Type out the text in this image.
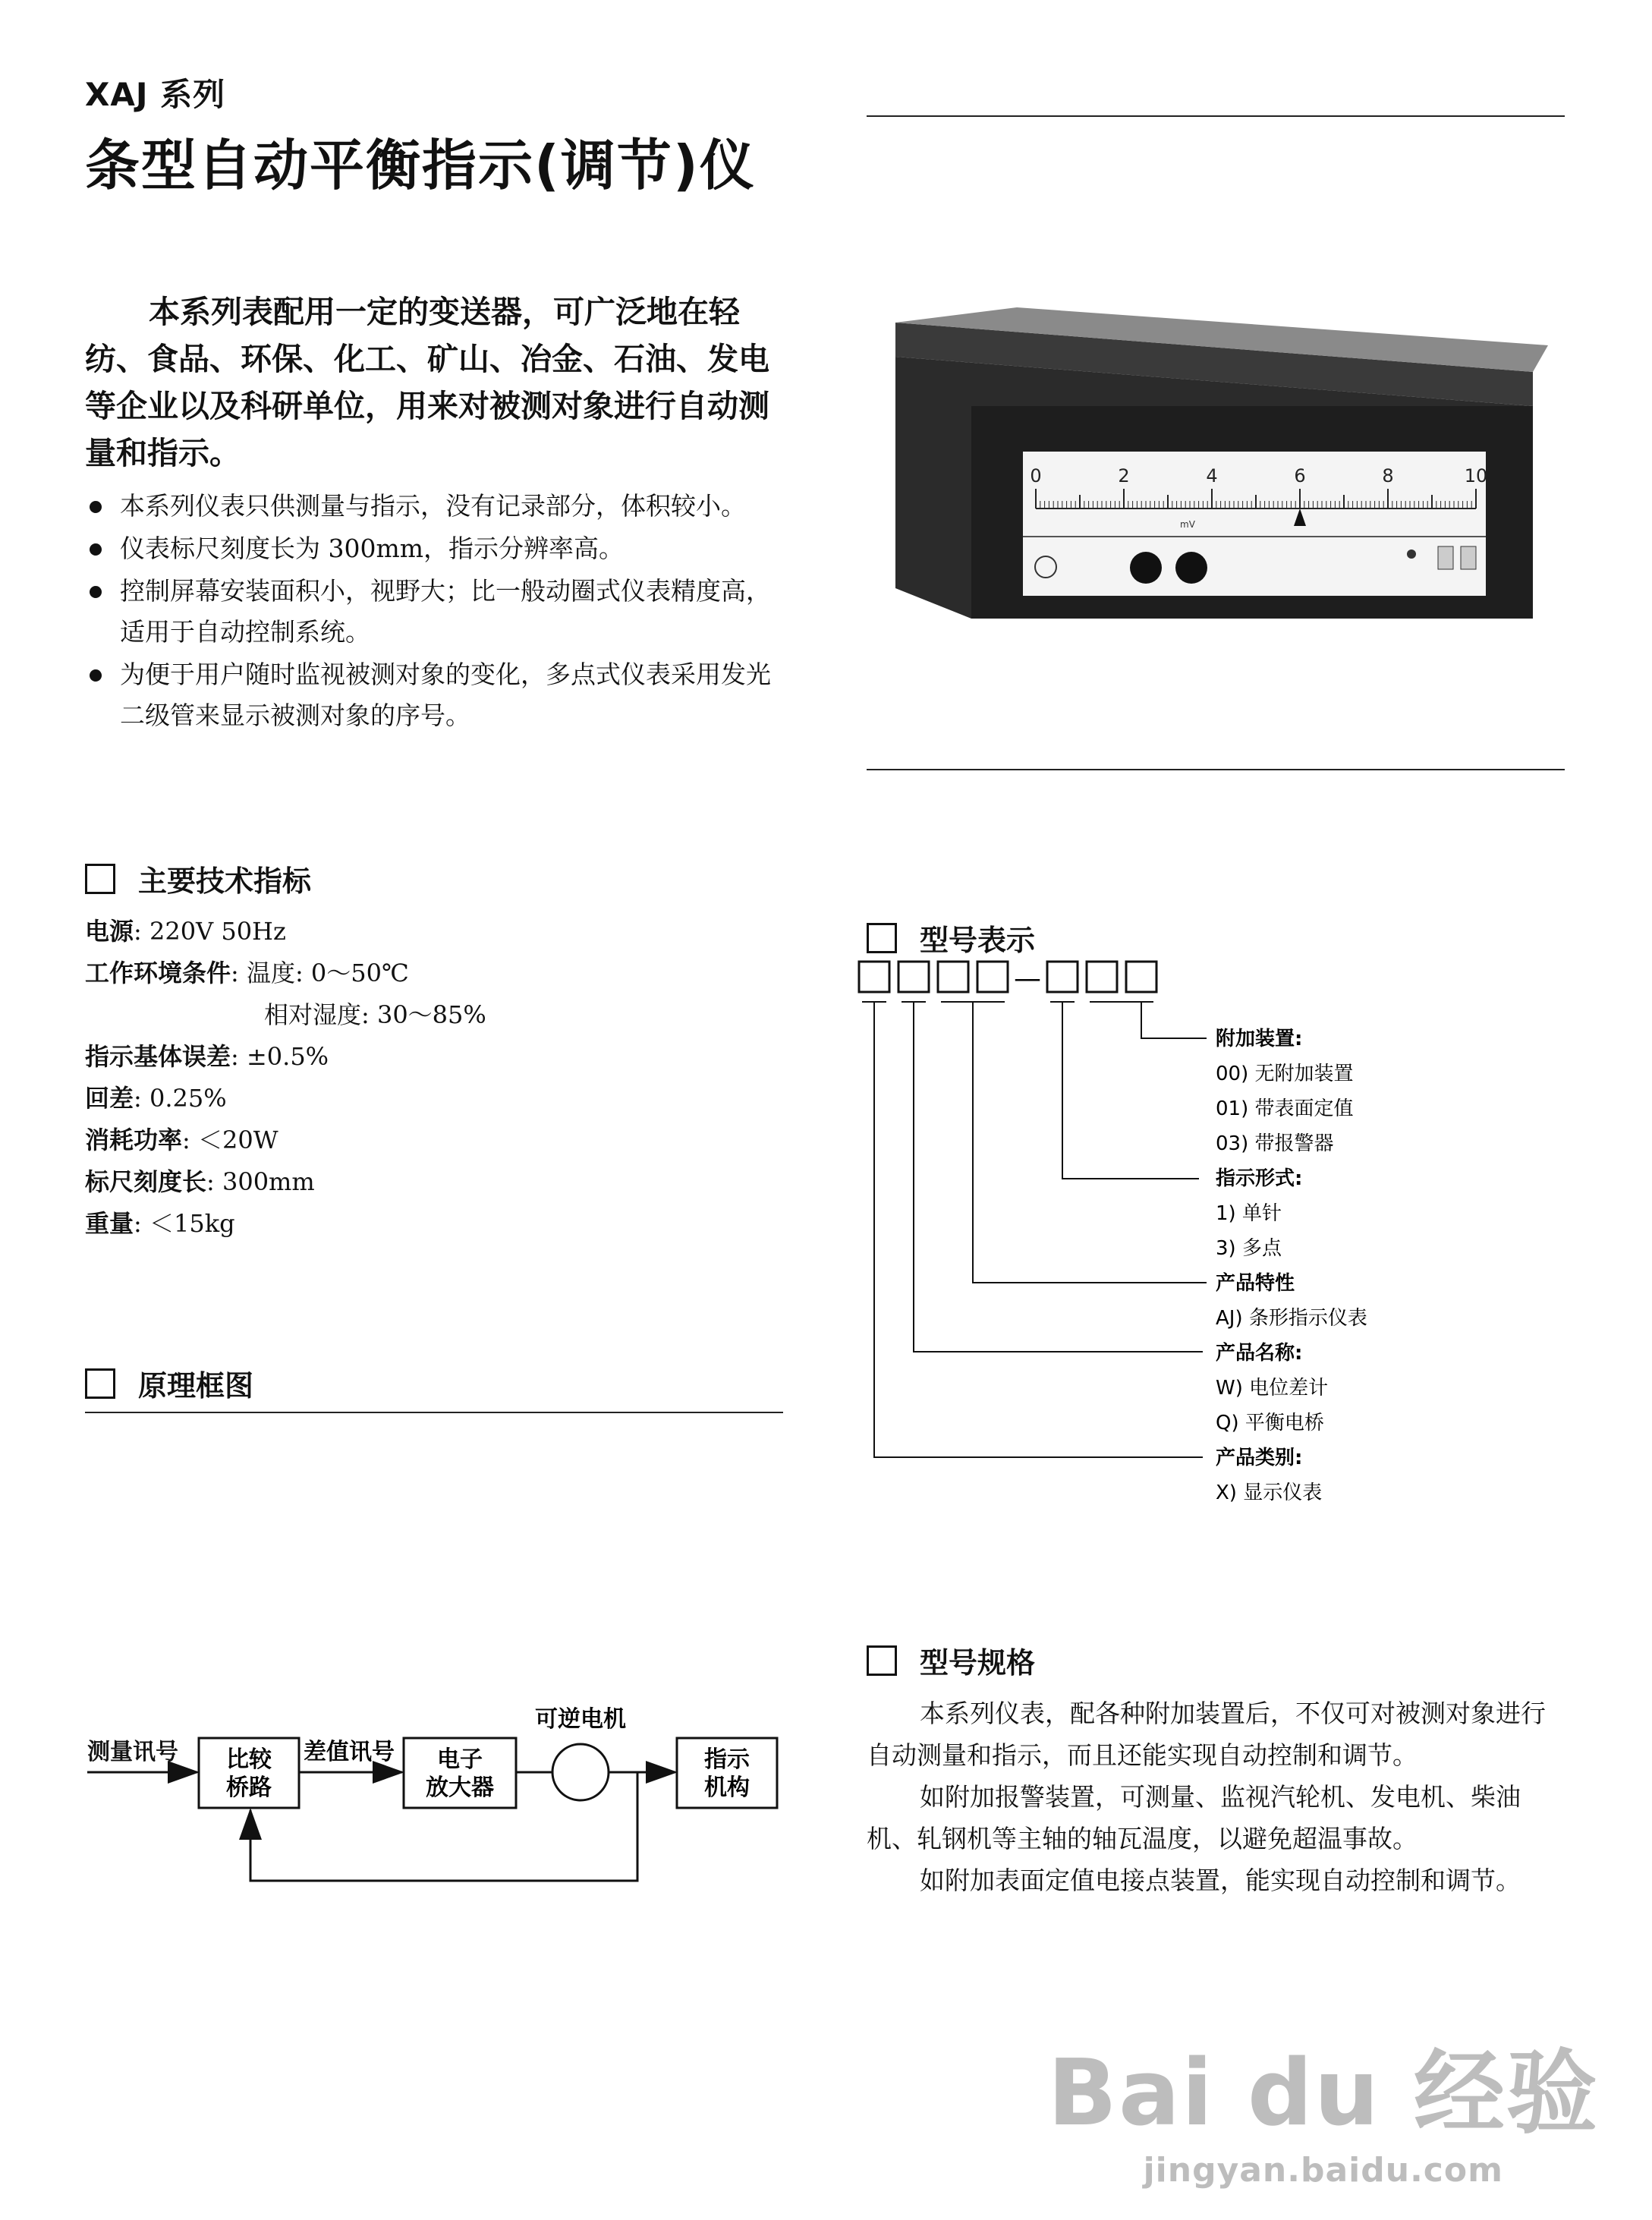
XAJ 系列
条型自动平衡指示(调节)仪

本系列表配用一定的变送器，可广泛地在轻纺、食品、环保、化工、矿山、冶金、石油、发电等企业以及科研单位，用来对被测对象进行自动测量和指示。

本系列仪表只供测量与指示，没有记录部分，体积较小。
仪表标尺刻度长为 300mm，指示分辨率高。
控制屏幕安装面积小，视野大；比一般动圈式仪表精度高，适用于自动控制系统。
为便于用户随时监视被测对象的变化，多点式仪表采用发光二级管来显示被测对象的序号。
0	2	4	6	8	10
mV
主要技术指标
电源: 220V 50Hz
工作环境条件: 温度: 0～50℃
相对湿度: 30～85%
指示基体误差: ±0.5%
回差: 0.25%
消耗功率: ＜20W
标尺刻度长: 300mm
重量: ＜15kg
原理框图
测量讯号 比较
桥路
差值讯号 电子
放大器
可逆电机
指示
机构
型号表示
—
附加装置:
00) 无附加装置
01) 带表面定值
03) 带报警器
指示形式:
1) 单针
3) 多点
产品特性
AJ) 条形指示仪表
产品名称:
W) 电位差计
Q) 平衡电桥
产品类别:
X) 显示仪表
型号规格

本系列仪表，配各种附加装置后，不仅可对被测对象进行自动测量和指示，而且还能实现自动控制和调节。

如附加报警装置，可测量、监视汽轮机、发电机、柴油机、轧钢机等主轴的轴瓦温度，以避免超温事故。

如附加表面定值电接点装置，能实现自动控制和调节。

Bai du 经验
jingyan.baidu.com
